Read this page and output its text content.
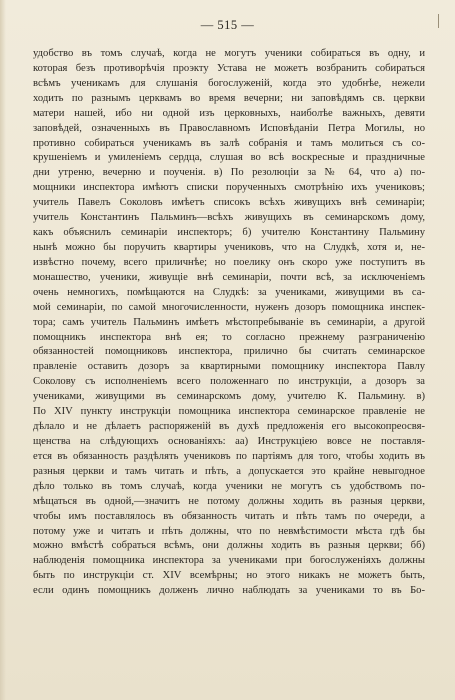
— 515 —
удобство въ томъ случаѣ, когда не могутъ ученики собираться въ одну, и
которая безъ противорѣчія проэкту Устава не можетъ возбранить собираться
всѣмъ ученикамъ для слушанія богослуженій, когда это удобнѣе, нежели
ходить по разнымъ церквамъ во время вечерни; ни заповѣдямъ св. церкви
матери нашей, ибо ни одной изъ церковныхъ, наиболѣе важныхъ, девяти
заповѣдей, означенныхъ въ Православномъ Исповѣданіи Петра Могилы, но
противно собираться ученикамъ въ залѣ собранія и тамъ молиться съ со-
крушеніемъ и умиленіемъ сердца, слушая во всѣ воскресные и праздничные
дни утреню, вечерню и поученія. в) По резолюціи за № 64, что а) по-
мощники инспектора имѣютъ списки порученныхъ смотрѣнію ихъ учениковъ;
учитель Павелъ Соколовъ имѣетъ списокъ всѣхъ живущихъ внѣ семинаріи;
учитель Константинъ Пальминъ—всѣхъ живущихъ въ семинарскомъ дому,
какъ объяснилъ семинаріи инспекторъ; б) учителю Константину Пальмину
нынѣ можно бы поручить квартиры учениковъ, что на Слудкѣ, хотя и, не-
извѣстно почему, всего приличнѣе; но поелику онъ скоро уже поступитъ въ
монашество, ученики, живущіе внѣ семинаріи, почти всѣ, за исключеніемъ
очень немногихъ, помѣщаются на Слудкѣ: за учениками, живущими въ са-
мой семинаріи, по самой многочисленности, нуженъ дозоръ помощника инспек-
тора; самъ учитель Пальминъ имѣетъ мѣстопребываніе въ семинаріи, а другой
помощникъ инспектора внѣ ея; то согласно прежнему разграниченію
обязанностей помощниковъ инспектора, прилично бы считать семинарское
правленіе оставить дозоръ за квартирными помощнику инспектора Павлу
Соколову съ исполненіемъ всего положеннаго по инструкціи, а дозоръ за
учениками, живущими въ семинарскомъ дому, учителю К. Пальмину. в)
По XIV пункту инструкціи помощника инспектора семинарское правленіе не
дѣлало и не дѣлаетъ распоряженій въ духѣ предложенія его высокопреосвя-
щенства на слѣдующихъ основаніяхъ: аа) Инструкціею вовсе не поставля-
ется въ обязанность раздѣлять учениковъ по партіямъ для того, чтобы ходить въ
разныя церкви и тамъ читать и пѣть, а допускается это крайне невыгодное
дѣло только въ томъ случаѣ, когда ученики не могутъ съ удобствомъ по-
мѣщаться въ одной,—значитъ не потому должны ходить въ разныя церкви,
чтобы имъ поставлялось въ обязанность читать и пѣть тамъ по очереди, а
потому уже и читать и пѣть должны, что по невмѣстимости мѣста гдѣ бы
можно вмѣстѣ собраться всѣмъ, они должны ходить въ разныя церкви; бб)
наблюденія помощника инспектора за учениками при богослуженіяхъ должны
быть по инструкціи ст. XIV всемѣрны; но этого никакъ не можетъ быть,
если одинъ помощникъ долженъ лично наблюдать за учениками то въ Бо-
